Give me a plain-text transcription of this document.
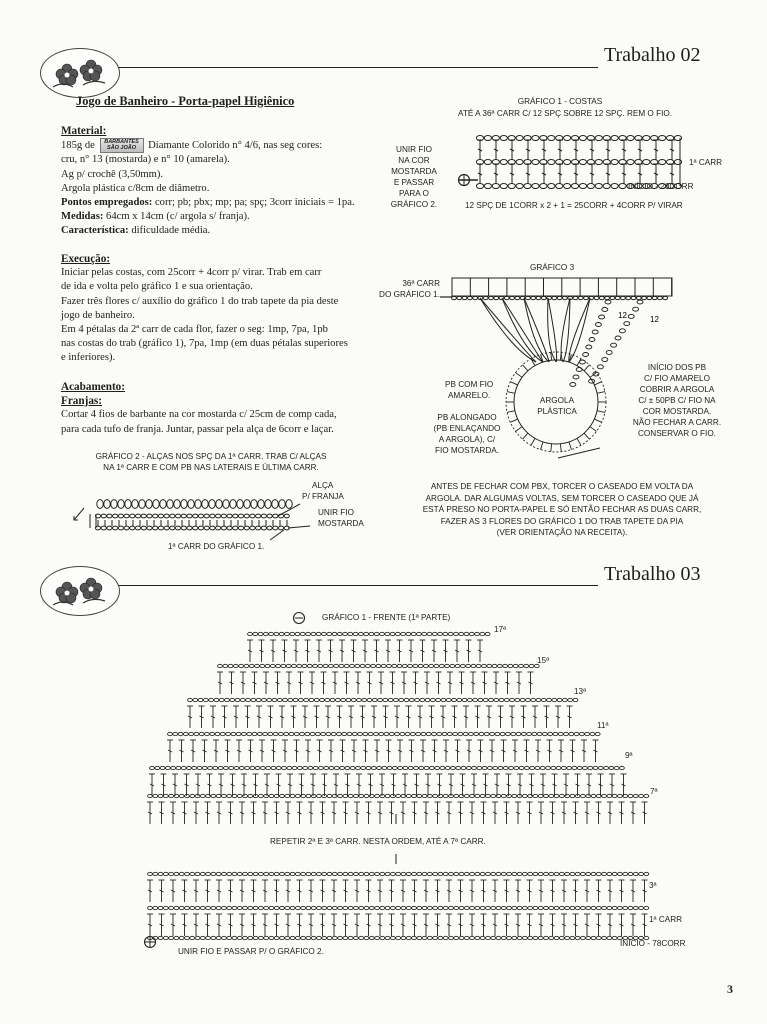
Trabalho 02
Jogo de Banheiro - Porta-papel Higiênico
Material:
185g de BARBANTES
SÃO JOÃO Diamante Colorido n° 4/6, nas seg cores:
cru, n° 13 (mostarda) e n° 10 (amarela).
Ag p/ crochê (3,50mm).
Argola plástica c/8cm de diâmetro.
Pontos empregados: corr; pb; pbx; mp; pa; spç; 3corr iniciais = 1pa.
Medidas: 64cm x 14cm (c/ argola s/ franja).
Característica: dificuldade média.
Execução:
Iniciar pelas costas, com 25corr + 4corr p/ virar. Trab em carr
de ida e volta pelo gráfico 1 e sua orientação.
Fazer três flores c/ auxílio do gráfico 1 do trab tapete da pia deste
jogo de banheiro.
Em 4 pétalas da 2ª carr de cada flor, fazer o seg: 1mp, 7pa, 1pb
nas costas do trab (gráfico 1), 7pa, 1mp (em duas pétalas superiores
e inferiores).
Acabamento:
Franjas:
Cortar 4 fios de barbante na cor mostarda c/ 25cm de comp cada,
para cada tufo de franja. Juntar, passar pela alça de 6corr e laçar.
GRÁFICO 1 - COSTAS
ATÉ A 36ª CARR C/ 12 SPÇ SOBRE 12 SPÇ. REM O FIO.
UNIR FIO
NA COR
MOSTARDA
E PASSAR
PARA O
GRÁFICO 2.
1ª CARR
INÍCIO - 28CORR
12 SPÇ DE 1CORR x 2 + 1 = 25CORR + 4CORR P/ VIRAR
GRÁFICO 3
36ª CARR
DO GRÁFICO 1.
12	12
ARGOLA
PLÁSTICA
PB COM FIO
AMARELO.
PB ALONGADO
(PB ENLAÇANDO
A ARGOLA), C/
FIO MOSTARDA.
INÍCIO DOS PB
C/ FIO AMARELO
COBRIR A ARGOLA
C/ ± 50PB C/ FIO NA
COR MOSTARDA.
NÃO FECHAR A CARR.
CONSERVAR O FIO.
ANTES DE FECHAR COM PBX, TORCER O CASEADO EM VOLTA DA
ARGOLA. DAR ALGUMAS VOLTAS, SEM TORCER O CASEADO QUE JÁ
ESTÁ PRESO NO PORTA-PAPEL E SÓ ENTÃO FECHAR AS DUAS CARR,
FAZER AS 3 FLORES DO GRÁFICO 1 DO TRAB TAPETE DA PIA
(VER ORIENTAÇÃO NA RECEITA).
GRÁFICO 2 - ALÇAS NOS SPÇ DA 1ª CARR. TRAB C/ ALÇAS
NA 1ª CARR E COM PB NAS LATERAIS E ÚLTIMA CARR.
ALÇA
P/ FRANJA
UNIR FIO
MOSTARDA
1ª CARR DO GRÁFICO 1.
Trabalho 03
GRÁFICO 1 - FRENTE (1ª PARTE)
17ª
15ª
13ª
11ª
9ª
7ª
3ª
1ª CARR
REPETIR 2ª E 3ª CARR. NESTA ORDEM, ATÉ A 7ª CARR.
INÍCIO - 78CORR
UNIR FIO E PASSAR P/ O GRÁFICO 2.
3
